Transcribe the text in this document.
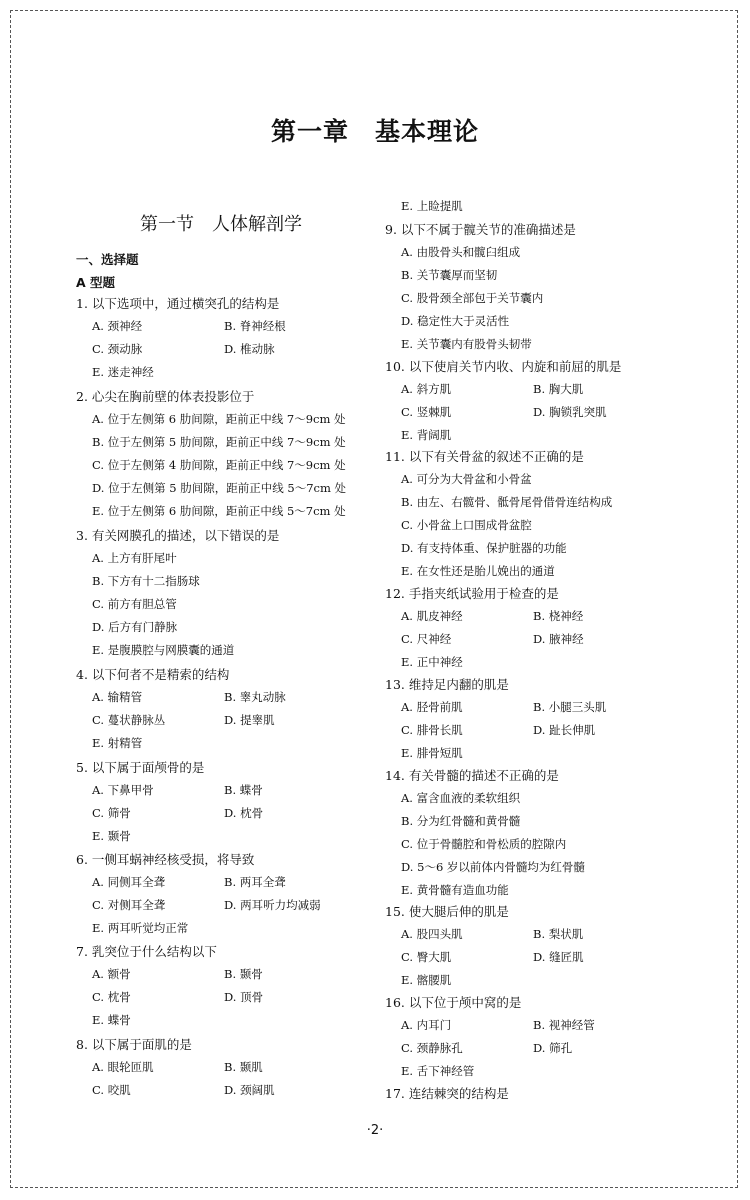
第一章　基本理论
第一节　人体解剖学
一、选择题
A 型题
1. 以下选项中，通过横突孔的结构是
A. 颈神经	B. 脊神经根
C. 颈动脉	D. 椎动脉
E. 迷走神经
2. 心尖在胸前壁的体表投影位于
A. 位于左侧第 6 肋间隙，距前正中线 7～9cm 处
B. 位于左侧第 5 肋间隙，距前正中线 7～9cm 处
C. 位于左侧第 4 肋间隙，距前正中线 7～9cm 处
D. 位于左侧第 5 肋间隙，距前正中线 5～7cm 处
E. 位于左侧第 6 肋间隙，距前正中线 5～7cm 处
3. 有关网膜孔的描述，以下错误的是
A. 上方有肝尾叶
B. 下方有十二指肠球
C. 前方有胆总管
D. 后方有门静脉
E. 是腹膜腔与网膜囊的通道
4. 以下何者不是精索的结构
A. 输精管	B. 睾丸动脉
C. 蔓状静脉丛	D. 提睾肌
E. 射精管
5. 以下属于面颅骨的是
A. 下鼻甲骨	B. 蝶骨
C. 筛骨	D. 枕骨
E. 颞骨
6. 一侧耳蜗神经核受损，将导致
A. 同侧耳全聋	B. 两耳全聋
C. 对侧耳全聋	D. 两耳听力均减弱
E. 两耳听觉均正常
7. 乳突位于什么结构以下
A. 额骨	B. 颞骨
C. 枕骨	D. 顶骨
E. 蝶骨
8. 以下属于面肌的是
A. 眼轮匝肌	B. 颞肌
C. 咬肌	D. 颈阔肌
E. 上睑提肌
9. 以下不属于髋关节的准确描述是
A. 由股骨头和髋臼组成
B. 关节囊厚而坚韧
C. 股骨颈全部包于关节囊内
D. 稳定性大于灵活性
E. 关节囊内有股骨头韧带
10. 以下使肩关节内收、内旋和前屈的肌是
A. 斜方肌	B. 胸大肌
C. 竖棘肌	D. 胸锁乳突肌
E. 背阔肌
11. 以下有关骨盆的叙述不正确的是
A. 可分为大骨盆和小骨盆
B. 由左、右髋骨、骶骨尾骨借骨连结构成
C. 小骨盆上口围成骨盆腔
D. 有支持体重、保护脏器的功能
E. 在女性还是胎儿娩出的通道
12. 手指夹纸试验用于检查的是
A. 肌皮神经	B. 桡神经
C. 尺神经	D. 腋神经
E. 正中神经
13. 维持足内翻的肌是
A. 胫骨前肌	B. 小腿三头肌
C. 腓骨长肌	D. 趾长伸肌
E. 腓骨短肌
14. 有关骨髓的描述不正确的是
A. 富含血液的柔软组织
B. 分为红骨髓和黄骨髓
C. 位于骨髓腔和骨松质的腔隙内
D. 5～6 岁以前体内骨髓均为红骨髓
E. 黄骨髓有造血功能
15. 使大腿后伸的肌是
A. 股四头肌	B. 梨状肌
C. 臀大肌	D. 缝匠肌
E. 髂腰肌
16. 以下位于颅中窝的是
A. 内耳门	B. 视神经管
C. 颈静脉孔	D. 筛孔
E. 舌下神经管
17. 连结棘突的结构是
·2·
